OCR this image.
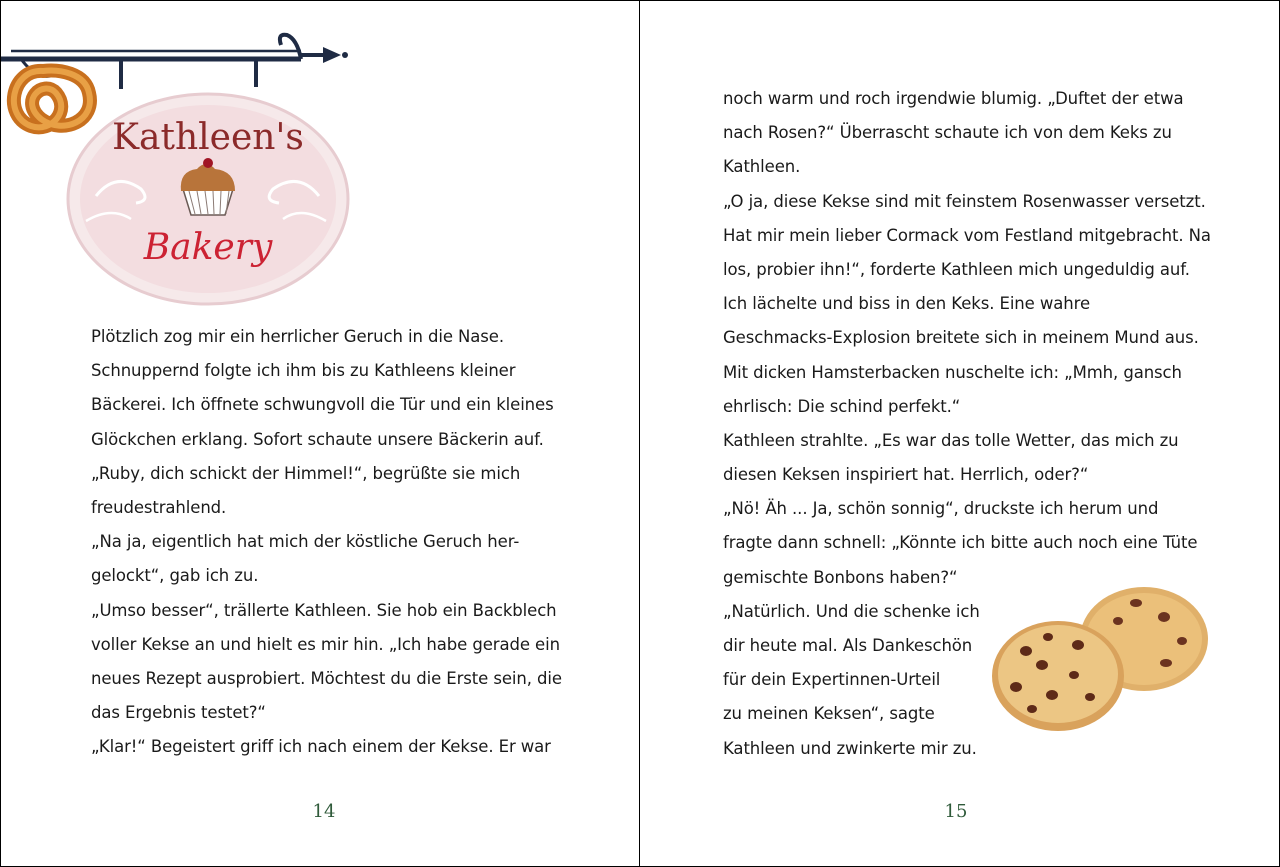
Kathleen's
Bakery
Plötzlich zog mir ein herrlicher Geruch in die Nase.
Schnuppernd folgte ich ihm bis zu Kathleens kleiner
Bäckerei. Ich öffnete schwungvoll die Tür und ein kleines
Glöckchen erklang. Sofort schaute unsere Bäckerin auf.
„Ruby, dich schickt der Himmel!“, begrüßte sie mich
freudestrahlend.
„Na ja, eigentlich hat mich der köstliche Geruch her-
gelockt“, gab ich zu.
„Umso besser“, trällerte Kathleen. Sie hob ein Backblech
voller Kekse an und hielt es mir hin. „Ich habe gerade ein
neues Rezept ausprobiert. Möchtest du die Erste sein, die
das Ergebnis testet?“
„Klar!“ Begeistert griff ich nach einem der Kekse. Er war
14
noch warm und roch irgendwie blumig. „Duftet der etwa
nach Rosen?“ Überrascht schaute ich von dem Keks zu
Kathleen.
„O ja, diese Kekse sind mit feinstem Rosenwasser versetzt.
Hat mir mein lieber Cormack vom Festland mitgebracht. Na
los, probier ihn!“, forderte Kathleen mich ungeduldig auf.
Ich lächelte und biss in den Keks. Eine wahre
Geschmacks-Explosion breitete sich in meinem Mund aus.
Mit dicken Hamsterbacken nuschelte ich: „Mmh, gansch
ehrlisch: Die schind perfekt.“
Kathleen strahlte. „Es war das tolle Wetter, das mich zu
diesen Keksen inspiriert hat. Herrlich, oder?“
„Nö! Äh ... Ja, schön sonnig“, druckste ich herum und
fragte dann schnell: „Könnte ich bitte auch noch eine Tüte
gemischte Bonbons haben?“
„Natürlich. Und die schenke ich
dir heute mal. Als Dankeschön
für dein Expertinnen-Urteil
zu meinen Keksen“, sagte
Kathleen und zwinkerte mir zu.
15
